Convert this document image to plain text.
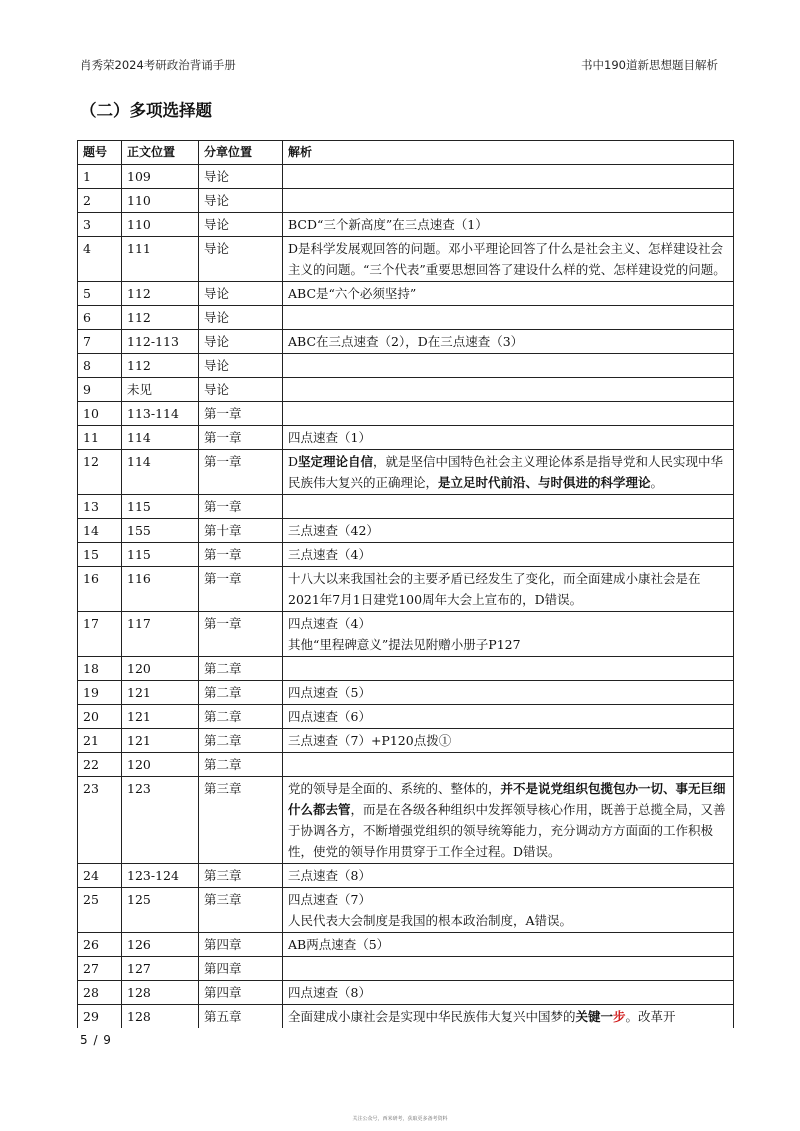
肖秀荣2024考研政治背诵手册	书中190道新思想题目解析
（二）多项选择题
题号	正文位置	分章位置	解析
1	109	导论	
2	110	导论	
3	110	导论	BCD“三个新高度”在三点速查（1）
4	111	导论	D是科学发展观回答的问题。邓小平理论回答了什么是社会主义、怎样建设社会主义的问题。“三个代表”重要思想回答了建设什么样的党、怎样建设党的问题。
5	112	导论	ABC是“六个必须坚持”
6	112	导论	
7	112-113	导论	ABC在三点速查（2），D在三点速查（3）
8	112	导论	
9	未见	导论	
10	113-114	第一章	
11	114	第一章	四点速查（1）
12	114	第一章	D坚定理论自信，就是坚信中国特色社会主义理论体系是指导党和人民实现中华民族伟大复兴的正确理论，是立足时代前沿、与时俱进的科学理论。
13	115	第一章	
14	155	第十章	三点速查（42）
15	115	第一章	三点速查（4）
16	116	第一章	十八大以来我国社会的主要矛盾已经发生了变化，而全面建成小康社会是在2021年7月1日建党100周年大会上宣布的，D错误。
17	117	第一章	四点速查（4）
其他“里程碑意义”提法见附赠小册子P127

18	120	第二章	
19	121	第二章	四点速查（5）
20	121	第二章	四点速查（6）
21	121	第二章	三点速查（7）+P120点拨①
22	120	第二章	
23	123	第三章	党的领导是全面的、系统的、整体的，并不是说党组织包揽包办一切、事无巨细什么都去管，而是在各级各种组织中发挥领导核心作用，既善于总揽全局，又善于协调各方，不断增强党组织的领导统筹能力，充分调动方方面面的工作积极性，使党的领导作用贯穿于工作全过程。D错误。
24	123-124	第三章	三点速查（8）
25	125	第三章	四点速查（7）
人民代表大会制度是我国的根本政治制度，A错误。

26	126	第四章	AB两点速查（5）
27	127	第四章	
28	128	第四章	四点速查（8）
29	128	第五章	全面建成小康社会是实现中华民族伟大复兴中国梦的关键一步。改革开
5 / 9
关注公众号，西米研考，获取更多备考资料
